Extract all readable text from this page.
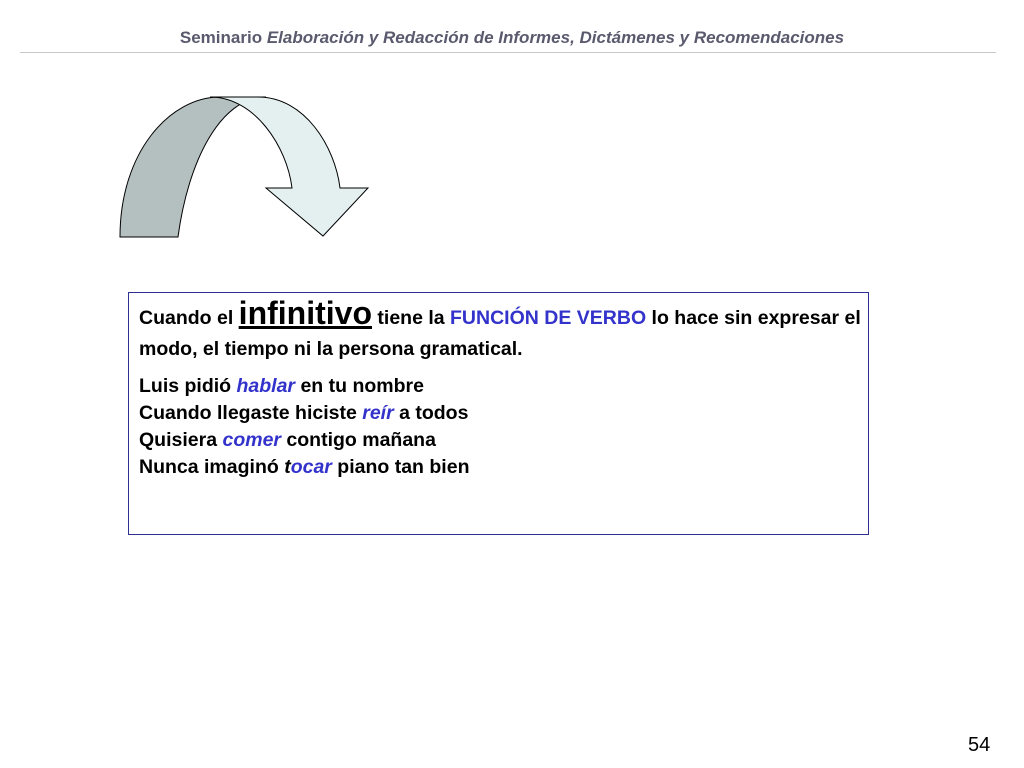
Seminario Elaboración y Redacción de Informes, Dictámenes y Recomendaciones
Cuando el infinitivo tiene la FUNCIÓN DE VERBO lo hace sin expresar el modo, el tiempo ni la persona gramatical.
Luis pidió hablar en tu nombre
Cuando llegaste hiciste reír a todos
Quisiera comer contigo mañana
Nunca imaginó tocar piano tan bien
54
